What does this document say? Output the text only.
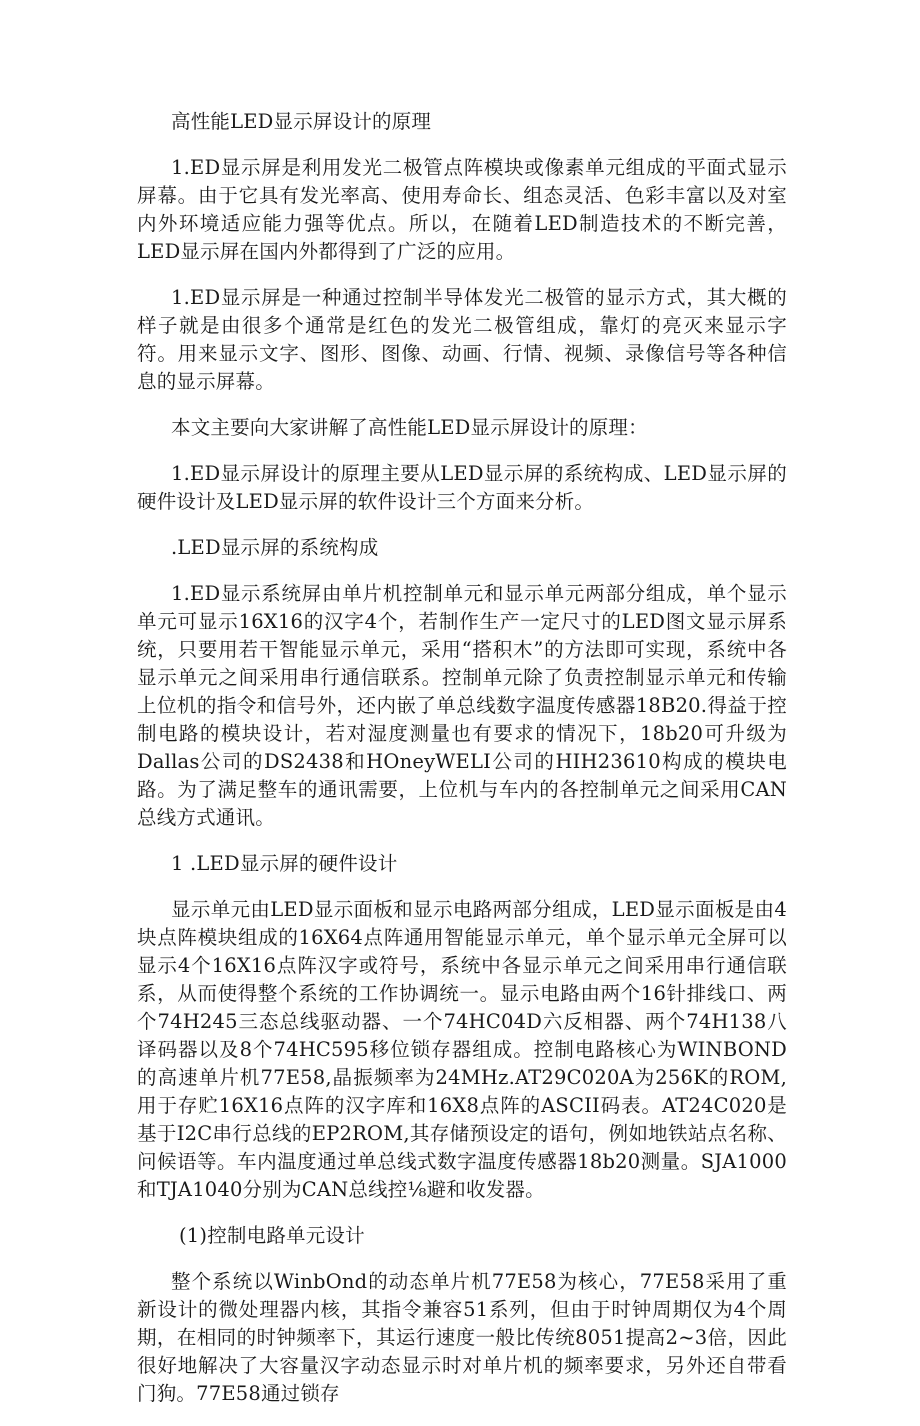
高性能LED显示屏设计的原理

1.ED显示屏是利用发光二极管点阵模块或像素单元组成的平面式显示屏幕。由于它具有发光率高、使用寿命长、组态灵活、色彩丰富以及对室内外环境适应能力强等优点。所以，在随着LED制造技术的不断完善，LED显示屏在国内外都得到了广泛的应用。

1.ED显示屏是一种通过控制半导体发光二极管的显示方式，其大概的样子就是由很多个通常是红色的发光二极管组成，靠灯的亮灭来显示字符。用来显示文字、图形、图像、动画、行情、视频、录像信号等各种信息的显示屏幕。

本文主要向大家讲解了高性能LED显示屏设计的原理：

1.ED显示屏设计的原理主要从LED显示屏的系统构成、LED显示屏的硬件设计及LED显示屏的软件设计三个方面来分析。

.LED显示屏的系统构成

1.ED显示系统屏由单片机控制单元和显示单元两部分组成，单个显示单元可显示16X16的汉字4个，若制作生产一定尺寸的LED图文显示屏系统，只要用若干智能显示单元，采用“搭积木”的方法即可实现，系统中各显示单元之间采用串行通信联系。控制单元除了负责控制显示单元和传输上位机的指令和信号外，还内嵌了单总线数字温度传感器18B20.得益于控制电路的模块设计，若对湿度测量也有要求的情况下，18b20可升级为Dallas公司的DS2438和HOneyWELI公司的HIH23610构成的模块电路。为了满足整车的通讯需要，上位机与车内的各控制单元之间采用CAN总线方式通讯。

1 .LED显示屏的硬件设计

显示单元由LED显示面板和显示电路两部分组成，LED显示面板是由4块点阵模块组成的16X64点阵通用智能显示单元，单个显示单元全屏可以显示4个16X16点阵汉字或符号，系统中各显示单元之间采用串行通信联系，从而使得整个系统的工作协调统一。显示电路由两个16针排线口、两个74H245三态总线驱动器、一个74HC04D六反相器、两个74H138八译码器以及8个74HC595移位锁存器组成。控制电路核心为WINBOND的高速单片机77E58,晶振频率为24MHz.AT29C020A为256K的ROM,用于存贮16X16点阵的汉字库和16X8点阵的ASCII码表。AT24C020是基于I2C串行总线的EP2ROM,其存储预设定的语句，例如地铁站点名称、问候语等。车内温度通过单总线式数字温度传感器18b20测量。SJA1000和TJA1040分别为CAN总线控⅛避和收发器。

(1)控制电路单元设计

整个系统以WinbOnd的动态单片机77E58为核心，77E58采用了重新设计的微处理器内核，其指令兼容51系列，但由于时钟周期仅为4个周期，在相同的时钟频率下，其运行速度一般比传统8051提高2~3倍，因此很好地解决了大容量汉字动态显示时对单片机的频率要求，另外还自带看门狗。77E58通过锁存
